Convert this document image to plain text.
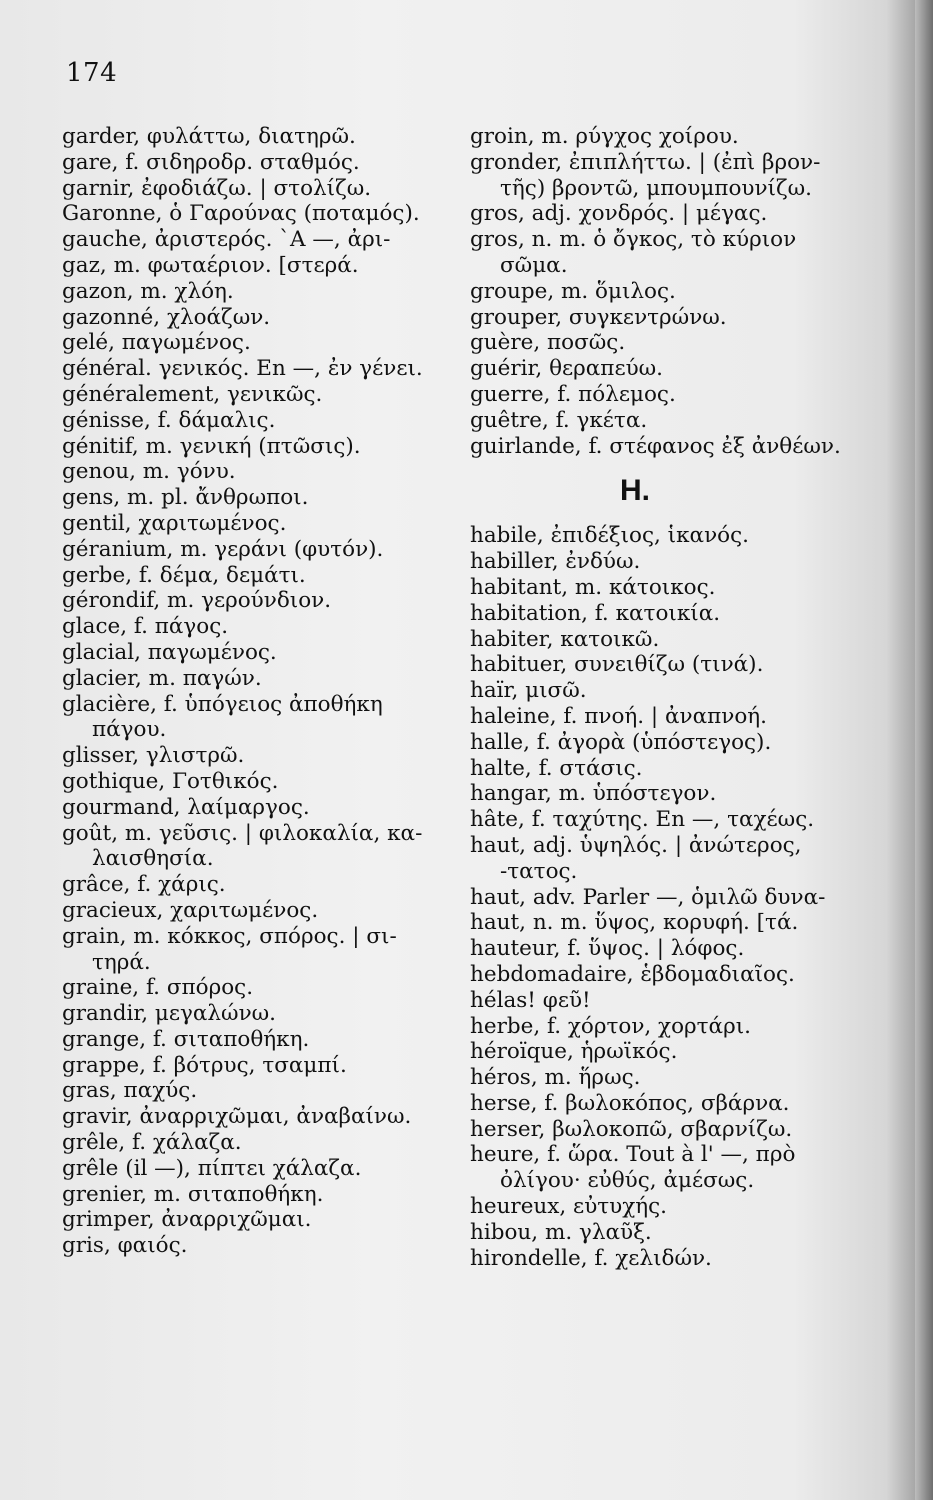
174
garder, φυλάττω, διατηρῶ.
gare, f. σιδηροδρ. σταθμός.
garnir, ἐφοδιάζω. | στολίζω.
Garonne, ὁ Γαρούνας (ποταμός).
gauche, ἀριστερός. `A —, ἀρι-
gaz, m. φωταέριον. [στερά.
gazon, m. χλόη.
gazonné, χλοάζων.
gelé, παγωμένος.
général. γενικός. En —, ἐν γένει.
généralement, γενικῶς.
génisse, f. δάμαλις.
génitif, m. γενική (πτῶσις).
genou, m. γόνυ.
gens, m. pl. ἄνθρωποι.
gentil, χαριτωμένος.
géranium, m. γεράνι (φυτόν).
gerbe, f. δέμα, δεμάτι.
gérondif, m. γερούνδιον.
glace, f. πάγος.
glacial, παγωμένος.
glacier, m. παγών.
glacière, f. ὑπόγειος ἀποθήκη
πάγου.
glisser, γλιστρῶ.
gothique, Γοτθικός.
gourmand, λαίμαργος.
goût, m. γεῦσις. | φιλοκαλία, κα-
λαισθησία.
grâce, f. χάρις.
gracieux, χαριτωμένος.
grain, m. κόκκος, σπόρος. | σι-
τηρά.
graine, f. σπόρος.
grandir, μεγαλώνω.
grange, f. σιταποθήκη.
grappe, f. βότρυς, τσαμπί.
gras, παχύς.
gravir, ἀναρριχῶμαι, ἀναβαίνω.
grêle, f. χάλαζα.
grêle (il —), πίπτει χάλαζα.
grenier, m. σιταποθήκη.
grimper, ἀναρριχῶμαι.
gris, φαιός.
groin, m. ρύγχος χοίρου.
gronder, ἐπιπλήττω. | (ἐπὶ βρον-
τῆς) βροντῶ, μπουμπουνίζω.
gros, adj. χονδρός. | μέγας.
gros, n. m. ὁ ὄγκος, τὸ κύριον
σῶμα.
groupe, m. ὅμιλος.
grouper, συγκεντρώνω.
guère, ποσῶς.
guérir, θεραπεύω.
guerre, f. πόλεμος.
guêtre, f. γκέτα.
guirlande, f. στέφανος ἐξ ἀνθέων.
H.
habile, ἐπιδέξιος, ἱκανός.
habiller, ἐνδύω.
habitant, m. κάτοικος.
habitation, f. κατοικία.
habiter, κατοικῶ.
habituer, συνειθίζω (τινά).
haïr, μισῶ.
haleine, f. πνοή. | ἀναπνοή.
halle, f. ἀγορὰ (ὑπόστεγος).
halte, f. στάσις.
hangar, m. ὑπόστεγον.
hâte, f. ταχύτης. En —, ταχέως.
haut, adj. ὑψηλός. | ἀνώτερος,
-τατος.
haut, adv. Parler —, ὁμιλῶ δυνα-
haut, n. m. ὕψος, κορυφή. [τά.
hauteur, f. ὕψος. | λόφος.
hebdomadaire, ἑβδομαδιαῖος.
hélas! φεῦ!
herbe, f. χόρτον, χορτάρι.
héroïque, ἡρωϊκός.
héros, m. ἥρως.
herse, f. βωλοκόπος, σβάρνα.
herser, βωλοκοπῶ, σβαρνίζω.
heure, f. ὥρα. Tout à l' —, πρὸ
ὀλίγου· εὐθύς, ἀμέσως.
heureux, εὐτυχής.
hibou, m. γλαῦξ.
hirondelle, f. χελιδών.
